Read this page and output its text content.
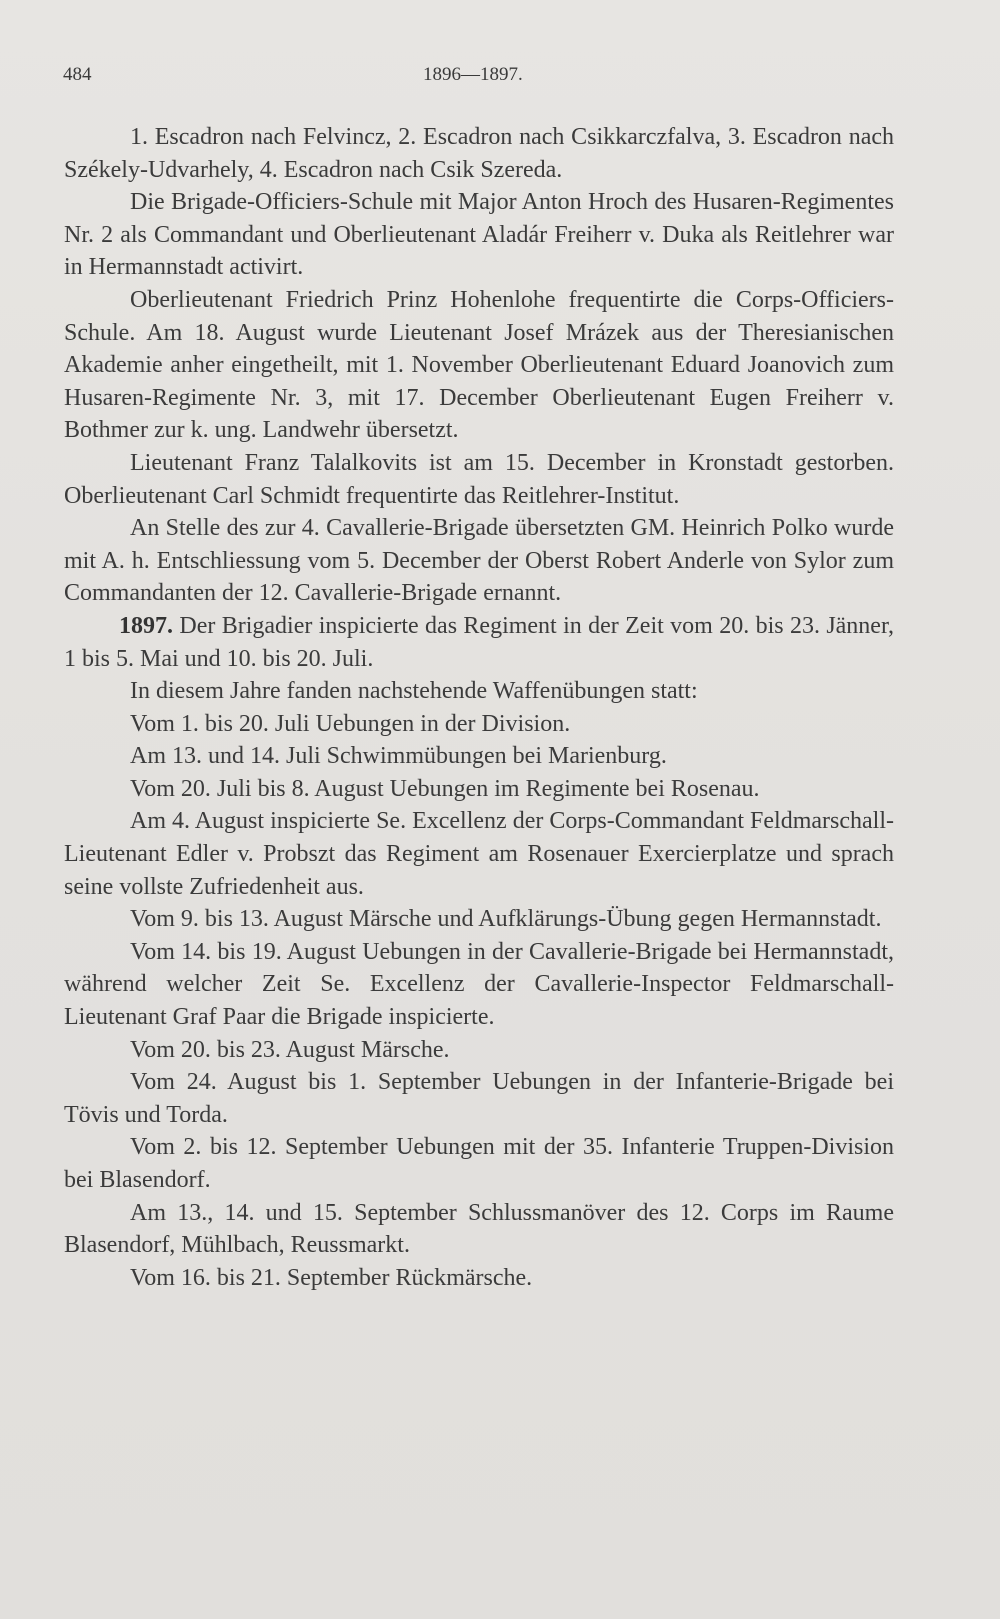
484	1896—1897.

1. Escadron nach Felvincz, 2. Escadron nach Csikkarczfalva, 3. Escadron nach Székely-Udvarhely, 4. Escadron nach Csik Szereda.

Die Brigade-Officiers-Schule mit Major Anton Hroch des Husaren-Regimentes Nr. 2 als Commandant und Oberlieutenant Aladár Freiherr v. Duka als Reitlehrer war in Hermannstadt activirt.

Oberlieutenant Friedrich Prinz Hohenlohe frequentirte die Corps-Officiers-Schule. Am 18. August wurde Lieutenant Josef Mrázek aus der Theresianischen Akademie anher eingetheilt, mit 1. November Oberlieutenant Eduard Joanovich zum Husaren-Regimente Nr. 3, mit 17. December Oberlieutenant Eugen Freiherr v. Bothmer zur k. ung. Landwehr übersetzt.

Lieutenant Franz Talalkovits ist am 15. December in Kronstadt gestorben. Oberlieutenant Carl Schmidt frequentirte das Reitlehrer-Institut.

An Stelle des zur 4. Cavallerie-Brigade übersetzten GM. Heinrich Polko wurde mit A. h. Entschliessung vom 5. December der Oberst Robert Anderle von Sylor zum Commandanten der 12. Cavallerie-Brigade ernannt.

1897. Der Brigadier inspicierte das Regiment in der Zeit vom 20. bis 23. Jänner, 1 bis 5. Mai und 10. bis 20. Juli.

In diesem Jahre fanden nachstehende Waffenübungen statt:

Vom 1. bis 20. Juli Uebungen in der Division.

Am 13. und 14. Juli Schwimmübungen bei Marienburg.

Vom 20. Juli bis 8. August Uebungen im Regimente bei Rosenau.

Am 4. August inspicierte Se. Excellenz der Corps-Commandant Feldmarschall-Lieutenant Edler v. Probszt das Regiment am Rosenauer Exercierplatze und sprach seine vollste Zufriedenheit aus.

Vom 9. bis 13. August Märsche und Aufklärungs-Übung gegen Hermannstadt.

Vom 14. bis 19. August Uebungen in der Cavallerie-Brigade bei Hermannstadt, während welcher Zeit Se. Excellenz der Cavallerie-Inspector Feldmarschall-Lieutenant Graf Paar die Brigade inspicierte.

Vom 20. bis 23. August Märsche.

Vom 24. August bis 1. September Uebungen in der Infanterie-Brigade bei Tövis und Torda.

Vom 2. bis 12. September Uebungen mit der 35. Infanterie Truppen-Division bei Blasendorf.

Am 13., 14. und 15. September Schlussmanöver des 12. Corps im Raume Blasendorf, Mühlbach, Reussmarkt.

Vom 16. bis 21. September Rückmärsche.
